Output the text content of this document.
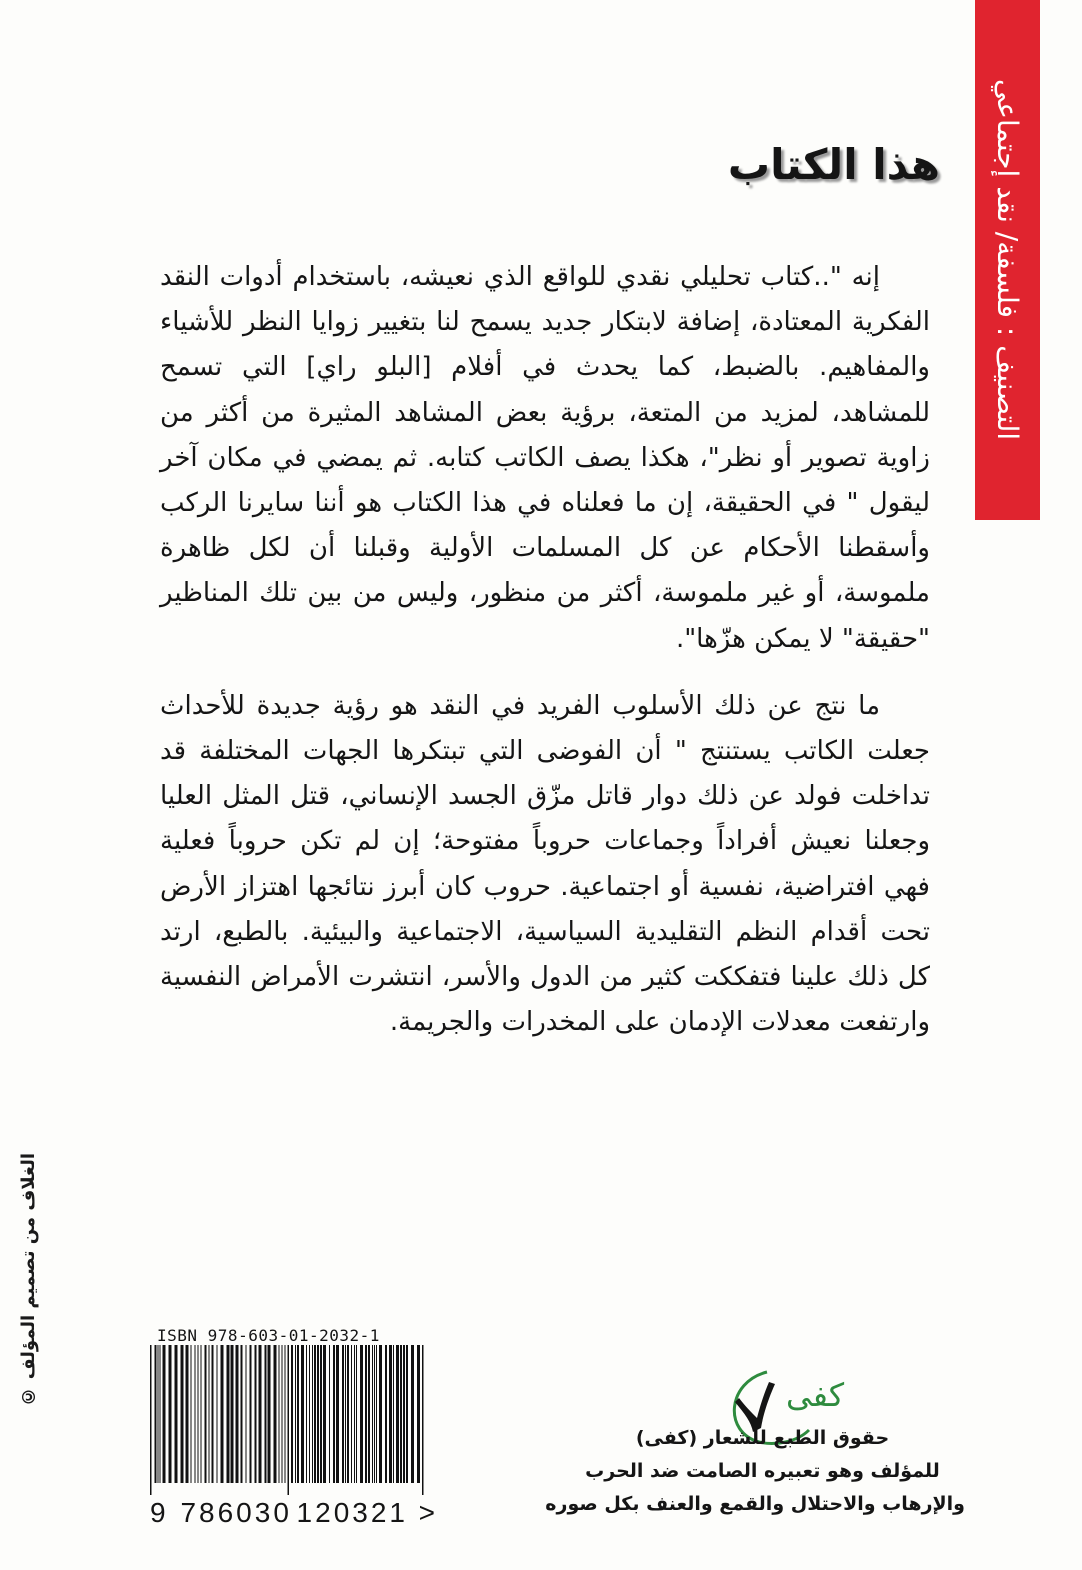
التصنيف : فلسفة/ نقد إجتماعي
هذا الكتاب

إنه "..كتاب تحليلي نقدي للواقع الذي نعيشه، باستخدام أدوات النقد الفكرية المعتادة، إضافة لابتكار جديد يسمح لنا بتغيير زوايا النظر للأشياء والمفاهيم. بالضبط، كما يحدث في أفلام [البلو راي] التي تسمح للمشاهد، لمزيد من المتعة، برؤية بعض المشاهد المثيرة من أكثر من زاوية تصوير أو نظر"، هكذا يصف الكاتب كتابه. ثم يمضي في مكان آخر ليقول " في الحقيقة، إن ما فعلناه في هذا الكتاب هو أننا سايرنا الركب وأسقطنا الأحكام عن كل المسلمات الأولية وقبلنا أن لكل ظاهرة ملموسة، أو غير ملموسة، أكثر من منظور، وليس من بين تلك المناظير "حقيقة" لا يمكن هزّها".

ما نتج عن ذلك الأسلوب الفريد في النقد هو رؤية جديدة للأحداث جعلت الكاتب يستنتج " أن الفوضى التي تبتكرها الجهات المختلفة قد تداخلت فولد عن ذلك دوار قاتل مزّق الجسد الإنساني، قتل المثل العليا وجعلنا نعيش أفراداً وجماعات حروباً مفتوحة؛ إن لم تكن حروباً فعلية فهي افتراضية، نفسية أو اجتماعية. حروب كان أبرز نتائجها اهتزاز الأرض تحت أقدام النظم التقليدية السياسية، الاجتماعية والبيئية. بالطبع، ارتد كل ذلك علينا فتفككت كثير من الدول والأسر، انتشرت الأمراض النفسية وارتفعت معدلات الإدمان على المخدرات والجريمة.

الغلاف من تصميم المؤلف ©	ISBN 978-603-01-2032-1
9 786030 120321 >
كفى
حقوق الطبع للشعار (كفى)
للمؤلف وهو تعبيره الصامت ضد الحرب
والإرهاب والاحتلال والقمع والعنف بكل صوره
